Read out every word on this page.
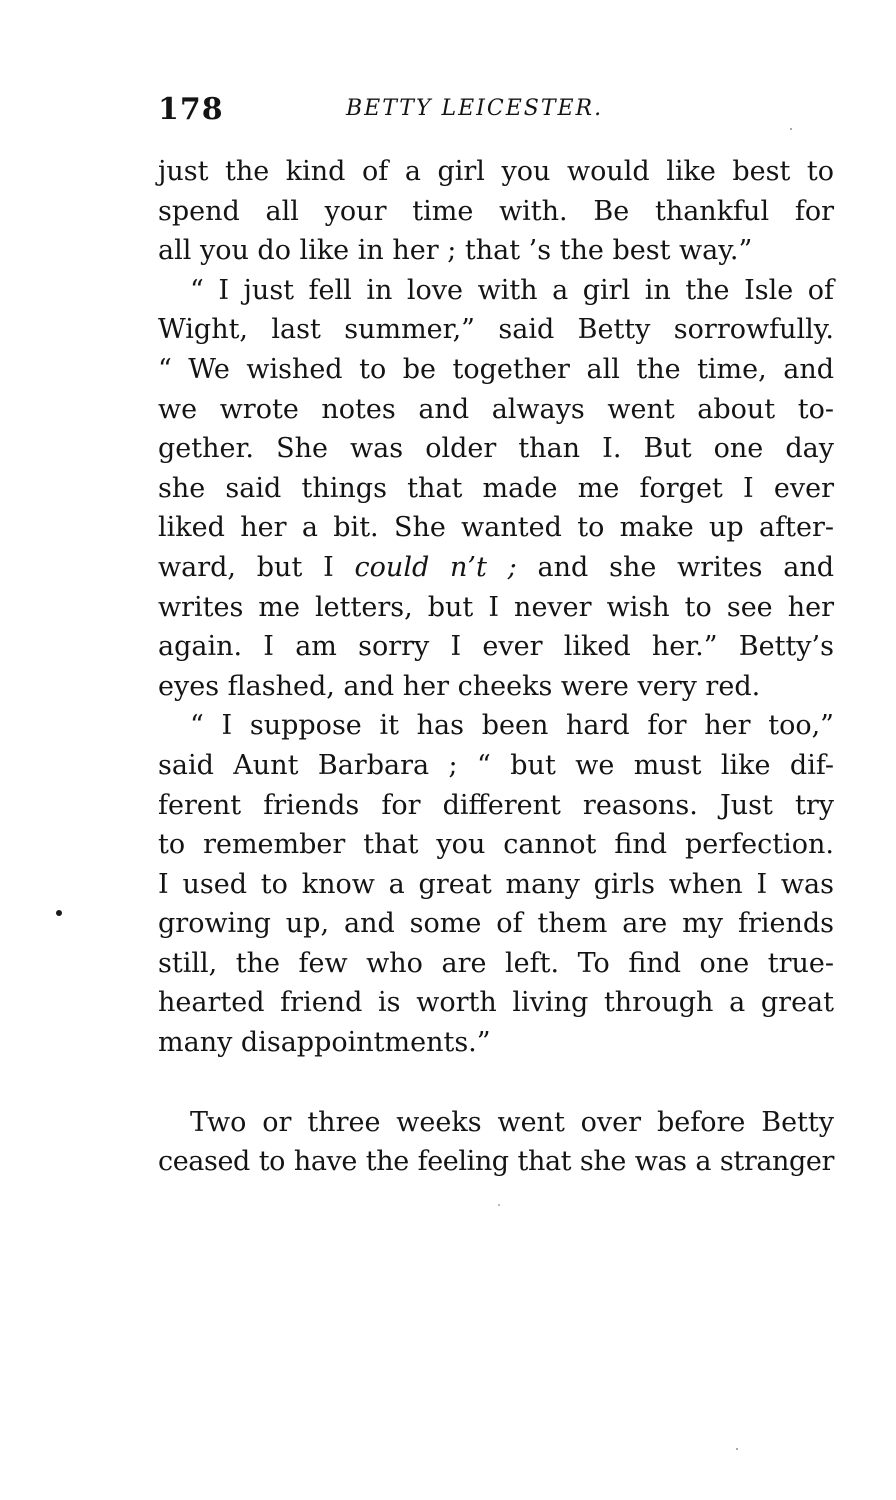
178	BETTY LEICESTER.
just the kind of a girl you would like best to
spend all your time with. Be thankful for
all you do like in her ; that ’s the best way.”
“ I just fell in love with a girl in the Isle of
Wight, last summer,” said Betty sorrowfully.
“ We wished to be together all the time, and
we wrote notes and always went about to-
gether. She was older than I. But one day
she said things that made me forget I ever
liked her a bit. She wanted to make up after-
ward, but I could n’t ; and she writes and
writes me letters, but I never wish to see her
again. I am sorry I ever liked her.” Betty’s
eyes flashed, and her cheeks were very red.
“ I suppose it has been hard for her too,”
said Aunt Barbara ; “ but we must like dif-
ferent friends for different reasons. Just try
to remember that you cannot find perfection.
I used to know a great many girls when I was
growing up, and some of them are my friends
still, the few who are left. To find one true-
hearted friend is worth living through a great
many disappointments.”
Two or three weeks went over before Betty
ceased to have the feeling that she was a stranger
